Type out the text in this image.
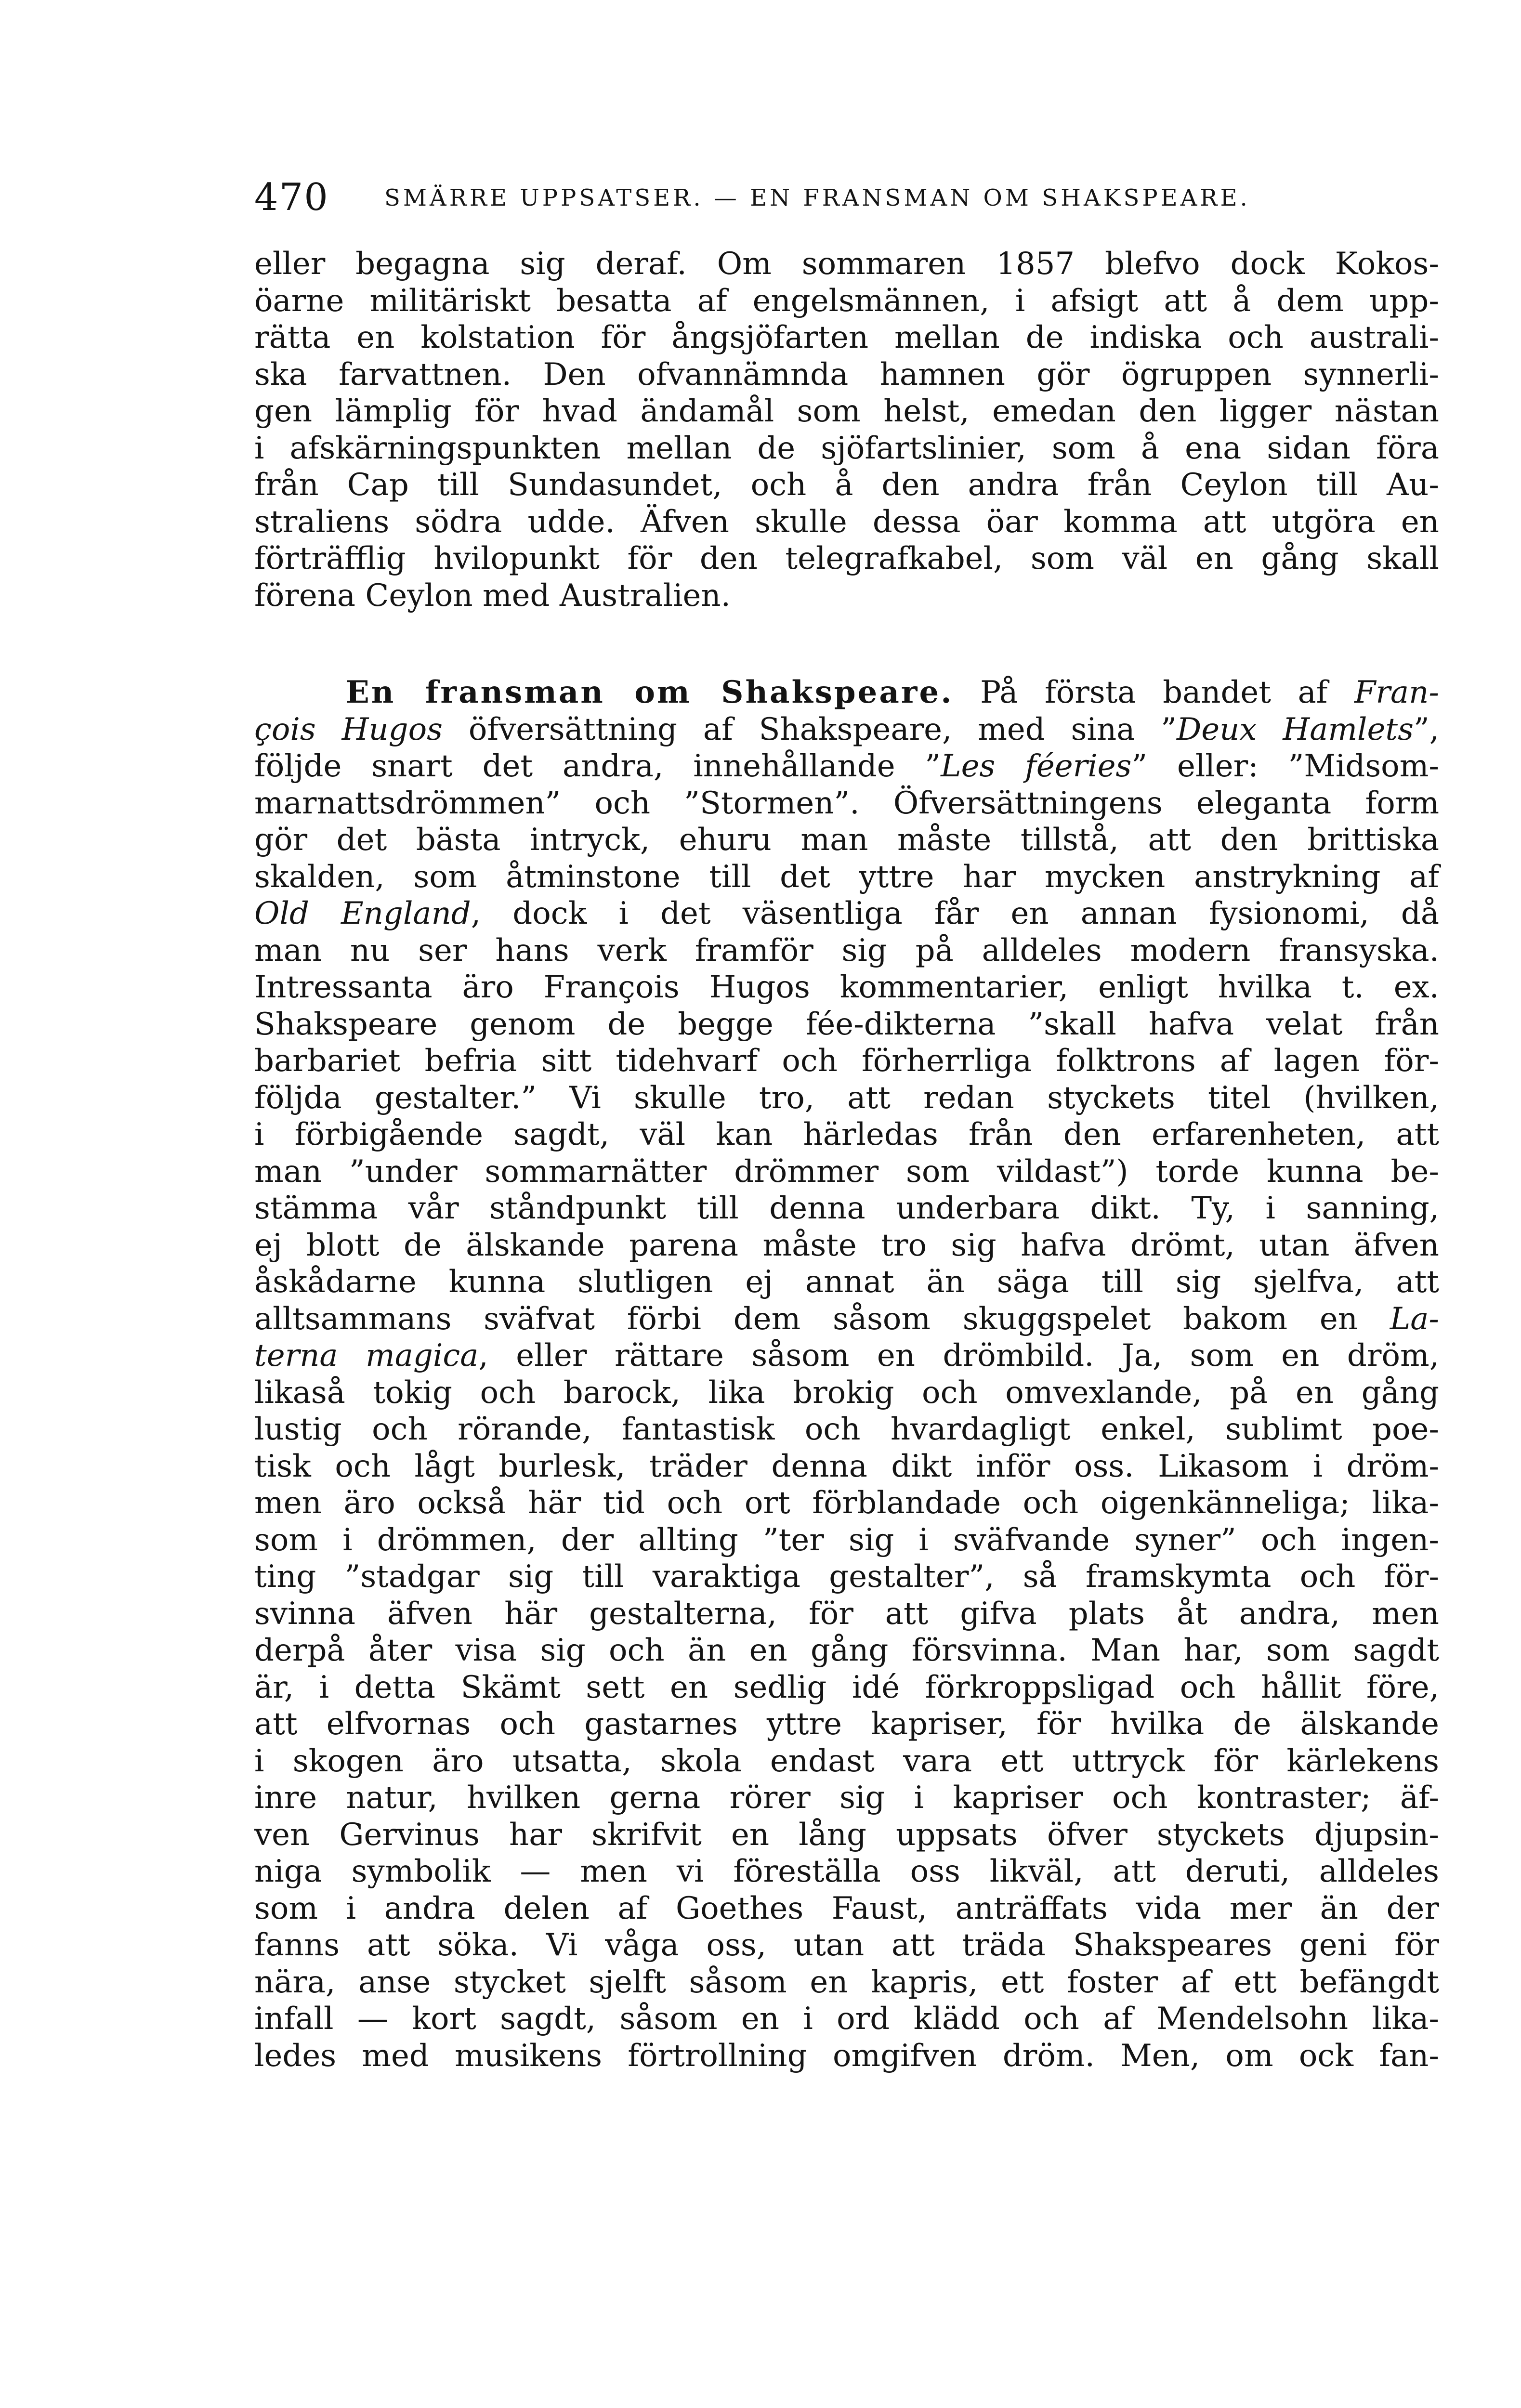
470 SMÄRRE UPPSATSER. — EN FRANSMAN OM SHAKSPEARE.
eller begagna sig deraf. Om sommaren 1857 blefvo dock Kokos-
öarne militäriskt besatta af engelsmännen, i afsigt att å dem upp-
rätta en kolstation för ångsjöfarten mellan de indiska och australi-
ska farvattnen. Den ofvannämnda hamnen gör ögruppen synnerli-
gen lämplig för hvad ändamål som helst, emedan den ligger nästan
i afskärningspunkten mellan de sjöfartslinier, som å ena sidan föra
från Cap till Sundasundet, och å den andra från Ceylon till Au-
straliens södra udde. Äfven skulle dessa öar komma att utgöra en
förträfflig hvilopunkt för den telegrafkabel, som väl en gång skall
förena Ceylon med Australien.
En fransman om Shakspeare. På första bandet af Fran-
çois Hugos öfversättning af Shakspeare, med sina ”Deux Hamlets”,
följde snart det andra, innehållande ”Les féeries” eller: ”Midsom-
marnattsdrömmen” och ”Stormen”. Öfversättningens eleganta form
gör det bästa intryck, ehuru man måste tillstå, att den brittiska
skalden, som åtminstone till det yttre har mycken anstrykning af
Old England, dock i det väsentliga får en annan fysionomi, då
man nu ser hans verk framför sig på alldeles modern fransyska.
Intressanta äro François Hugos kommentarier, enligt hvilka t. ex.
Shakspeare genom de begge fée-dikterna ”skall hafva velat från
barbariet befria sitt tidehvarf och förherrliga folktrons af lagen för-
följda gestalter.” Vi skulle tro, att redan styckets titel (hvilken,
i förbigående sagdt, väl kan härledas från den erfarenheten, att
man ”under sommarnätter drömmer som vildast”) torde kunna be-
stämma vår ståndpunkt till denna underbara dikt. Ty, i sanning,
ej blott de älskande parena måste tro sig hafva drömt, utan äfven
åskådarne kunna slutligen ej annat än säga till sig sjelfva, att
alltsammans sväfvat förbi dem såsom skuggspelet bakom en La-
terna magica, eller rättare såsom en drömbild. Ja, som en dröm,
likaså tokig och barock, lika brokig och omvexlande, på en gång
lustig och rörande, fantastisk och hvardagligt enkel, sublimt poe-
tisk och lågt burlesk, träder denna dikt inför oss. Likasom i dröm-
men äro också här tid och ort förblandade och oigenkänneliga; lika-
som i drömmen, der allting ”ter sig i sväfvande syner” och ingen-
ting ”stadgar sig till varaktiga gestalter”, så framskymta och för-
svinna äfven här gestalterna, för att gifva plats åt andra, men
derpå åter visa sig och än en gång försvinna. Man har, som sagdt
är, i detta Skämt sett en sedlig idé förkroppsligad och hållit före,
att elfvornas och gastarnes yttre kapriser, för hvilka de älskande
i skogen äro utsatta, skola endast vara ett uttryck för kärlekens
inre natur, hvilken gerna rörer sig i kapriser och kontraster; äf-
ven Gervinus har skrifvit en lång uppsats öfver styckets djupsin-
niga symbolik — men vi föreställa oss likväl, att deruti, alldeles
som i andra delen af Goethes Faust, anträffats vida mer än der
fanns att söka. Vi våga oss, utan att träda Shakspeares geni för
nära, anse stycket sjelft såsom en kapris, ett foster af ett befängdt
infall — kort sagdt, såsom en i ord klädd och af Mendelsohn lika-
ledes med musikens förtrollning omgifven dröm. Men, om ock fan-
